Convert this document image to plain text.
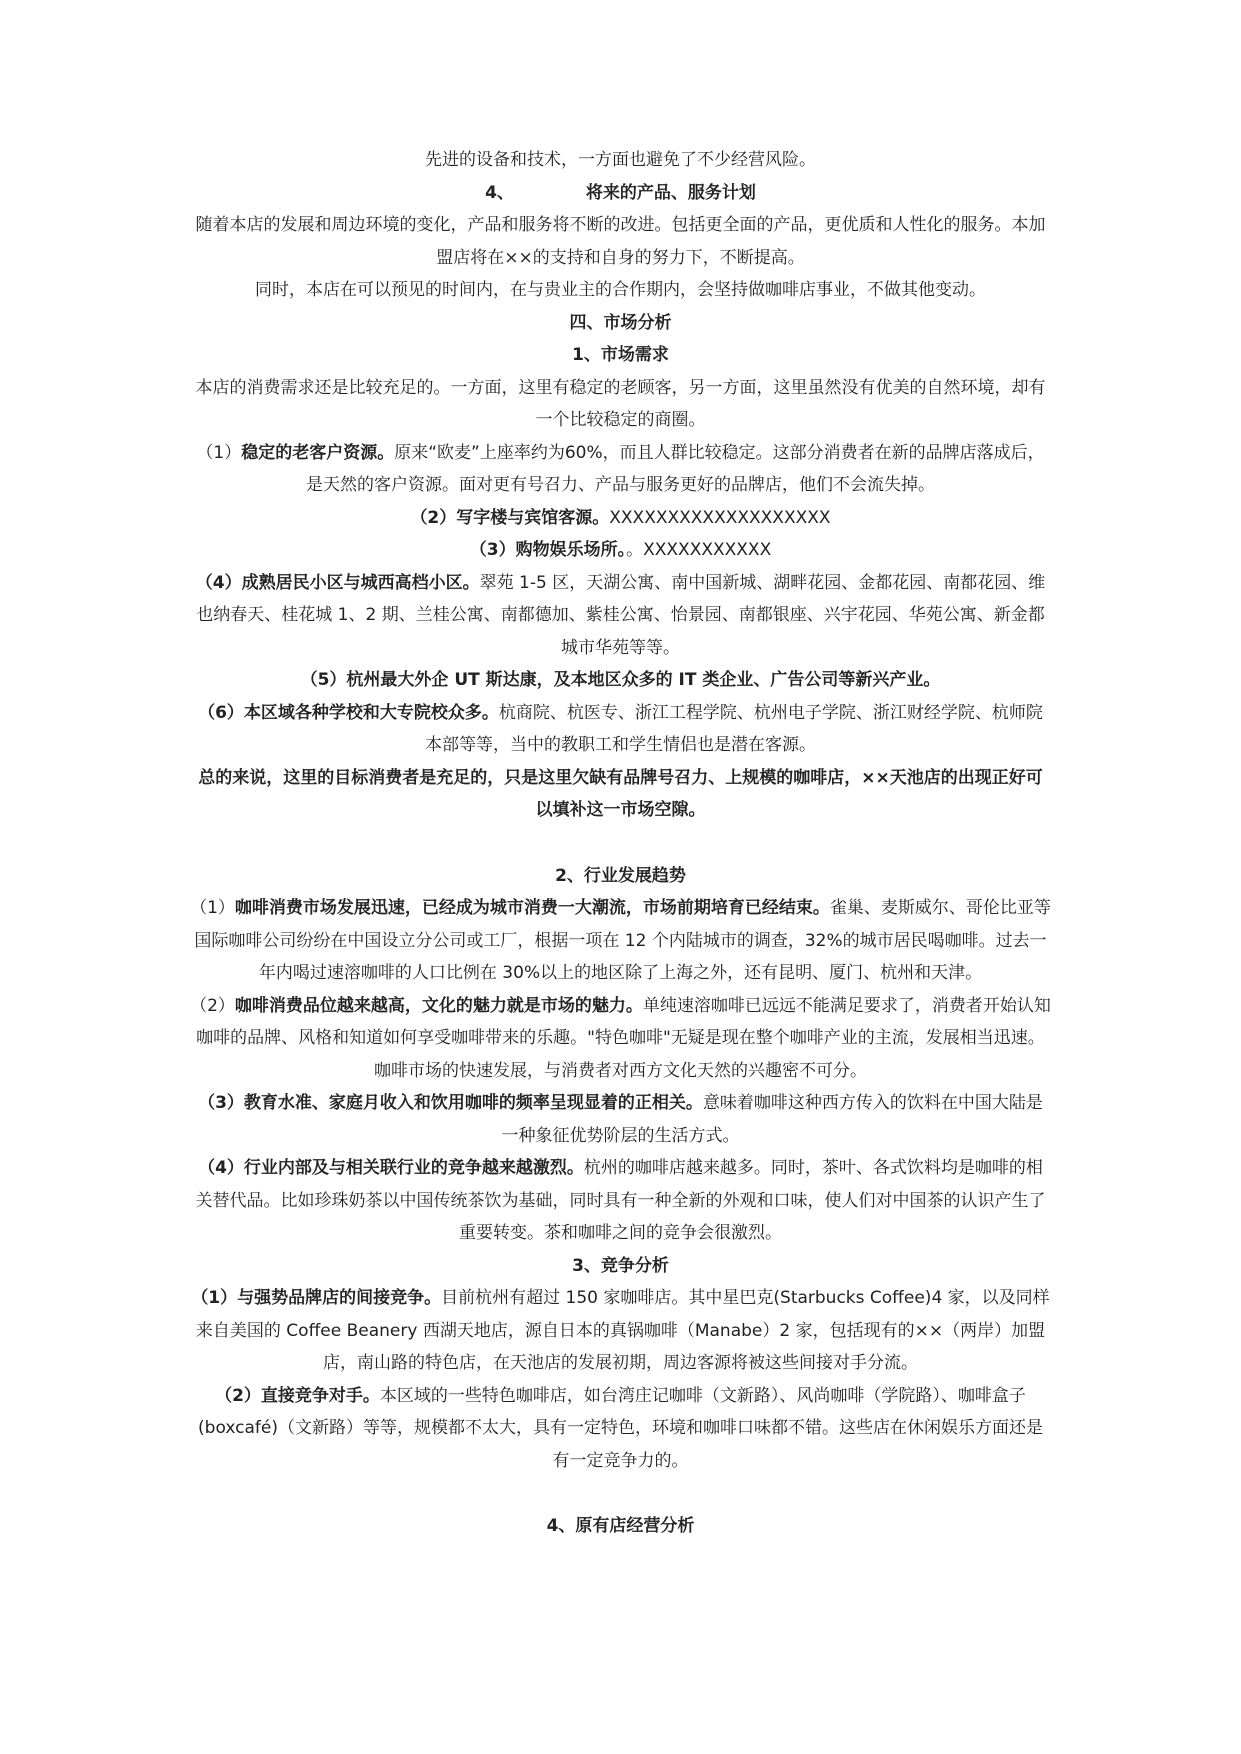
先进的设备和技术，一方面也避免了不少经营风险。

4、	将来的产品、服务计划

随着本店的发展和周边环境的变化，产品和服务将不断的改进。包括更全面的产品，更优质和人性化的服务。本加盟店将在××的支持和自身的努力下，不断提高。

同时，本店在可以预见的时间内，在与贵业主的合作期内，会坚持做咖啡店事业，不做其他变动。

四、市场分析

1、市场需求

本店的消费需求还是比较充足的。一方面，这里有稳定的老顾客，另一方面，这里虽然没有优美的自然环境，却有一个比较稳定的商圈。

（1）稳定的老客户资源。原来“欧麦”上座率约为60%，而且人群比较稳定。这部分消费者在新的品牌店落成后，是天然的客户资源。面对更有号召力、产品与服务更好的品牌店，他们不会流失掉。

（2）写字楼与宾馆客源。XXXXXXXXXXXXXXXXXXX

（3）购物娱乐场所。。XXXXXXXXXXX

（4）成熟居民小区与城西高档小区。翠苑 1-5 区，天湖公寓、南中国新城、湖畔花园、金都花园、南都花园、维也纳春天、桂花城 1、2 期、兰桂公寓、南都德加、紫桂公寓、怡景园、南都银座、兴宇花园、华苑公寓、新金都城市华苑等等。

（5）杭州最大外企 UT 斯达康，及本地区众多的 IT 类企业、广告公司等新兴产业。

（6）本区域各种学校和大专院校众多。杭商院、杭医专、浙江工程学院、杭州电子学院、浙江财经学院、杭师院本部等等，当中的教职工和学生情侣也是潜在客源。

总的来说，这里的目标消费者是充足的，只是这里欠缺有品牌号召力、上规模的咖啡店，××天池店的出现正好可以填补这一市场空隙。

2、行业发展趋势

（1）咖啡消费市场发展迅速，已经成为城市消费一大潮流，市场前期培育已经结束。雀巢、麦斯威尔、哥伦比亚等国际咖啡公司纷纷在中国设立分公司或工厂，根据一项在 12 个内陆城市的调查，32%的城市居民喝咖啡。过去一年内喝过速溶咖啡的人口比例在 30%以上的地区除了上海之外，还有昆明、厦门、杭州和天津。

（2）咖啡消费品位越来越高，文化的魅力就是市场的魅力。单纯速溶咖啡已远远不能满足要求了，消费者开始认知咖啡的品牌、风格和知道如何享受咖啡带来的乐趣。"特色咖啡"无疑是现在整个咖啡产业的主流，发展相当迅速。咖啡市场的快速发展，与消费者对西方文化天然的兴趣密不可分。

（3）教育水准、家庭月收入和饮用咖啡的频率呈现显着的正相关。意味着咖啡这种西方传入的饮料在中国大陆是一种象征优势阶层的生活方式。

（4）行业内部及与相关联行业的竞争越来越激烈。杭州的咖啡店越来越多。同时，茶叶、各式饮料均是咖啡的相关替代品。比如珍珠奶茶以中国传统茶饮为基础，同时具有一种全新的外观和口味，使人们对中国茶的认识产生了重要转变。茶和咖啡之间的竞争会很激烈。

3、竞争分析

（1）与强势品牌店的间接竞争。目前杭州有超过 150 家咖啡店。其中星巴克(Starbucks Coffee)4 家，以及同样来自美国的 Coffee Beanery 西湖天地店，源自日本的真锅咖啡（Manabe）2 家，包括现有的××（两岸）加盟店，南山路的特色店，在天池店的发展初期，周边客源将被这些间接对手分流。

（2）直接竞争对手。本区域的一些特色咖啡店，如台湾庄记咖啡（文新路）、风尚咖啡（学院路）、咖啡盒子(boxcafé)（文新路）等等，规模都不太大，具有一定特色，环境和咖啡口味都不错。这些店在休闲娱乐方面还是有一定竞争力的。

4、原有店经营分析
